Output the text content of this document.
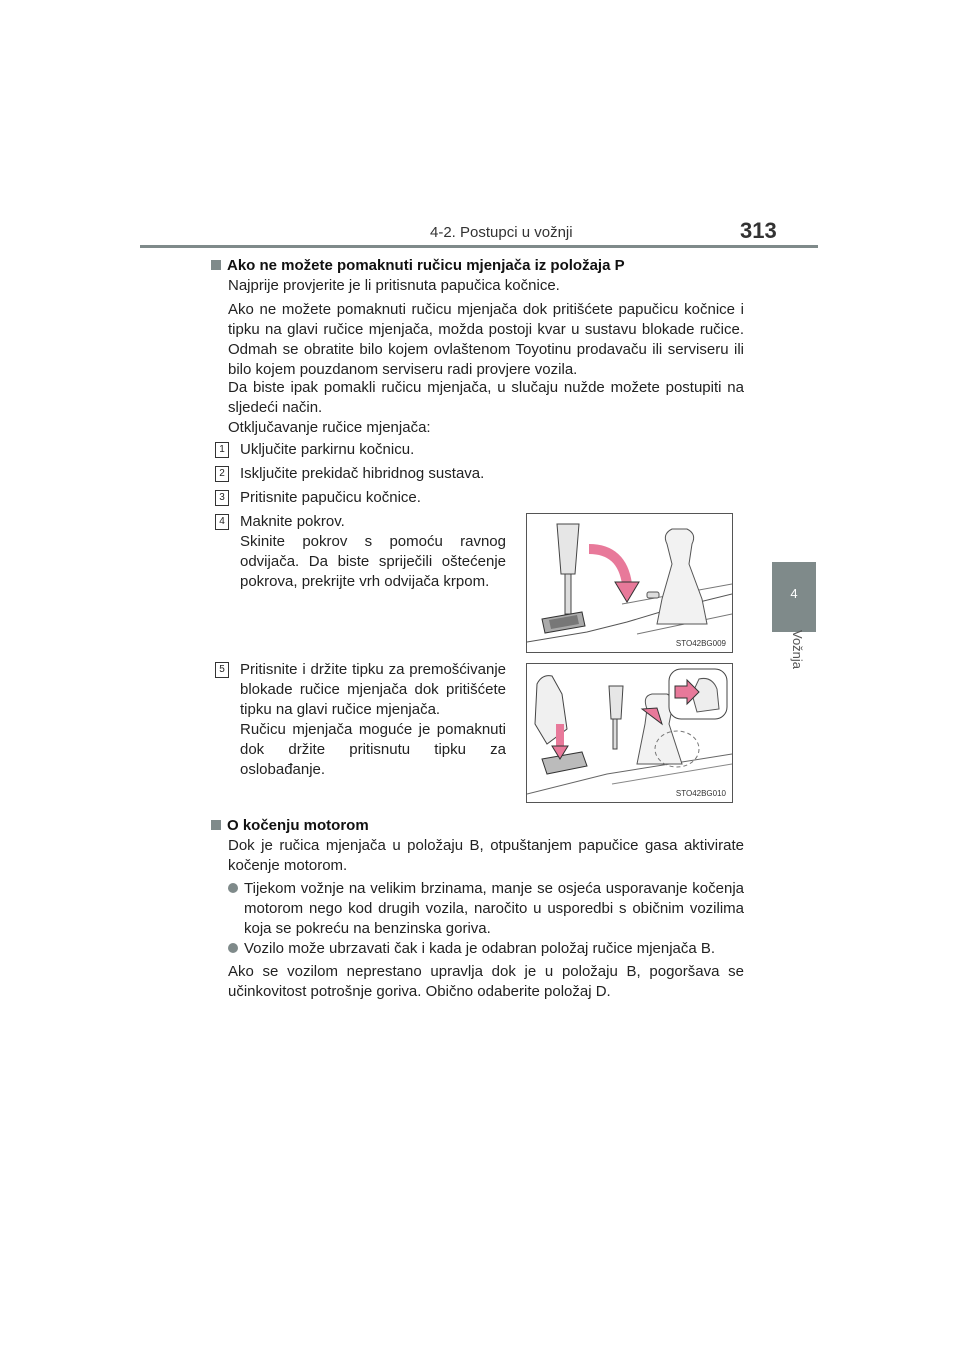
4-2. Postupci u vožnji	313
4
Vožnja
Ako ne možete pomaknuti ručicu mjenjača iz položaja P
Najprije provjerite je li pritisnuta papučica kočnice.
Ako ne možete pomaknuti ručicu mjenjača dok pritišćete papučicu kočnice i tipku na glavi ručice mjenjača, možda postoji kvar u sustavu blokade ručice. Odmah se obratite bilo kojem ovlaštenom Toyotinu prodavaču ili serviseru ili bilo kojem pouzdanom serviseru radi provjere vozila.
Da biste ipak pomakli ručicu mjenjača, u slučaju nužde možete postupiti na sljedeći način.
Otključavanje ručice mjenjača:
1 Uključite parkirnu kočnicu.
2 Isključite prekidač hibridnog sustava.
3 Pritisnite papučicu kočnice.
4 Maknite pokrov.
Skinite pokrov s pomoću ravnog odvijača. Da biste spriječili oštećenje pokrova, prekrijte vrh odvijača krpom.
STO42BG009
5 Pritisnite i držite tipku za premošćivanje blokade ručice mjenjača dok pritišćete tipku na glavi ručice mjenjača.
Ručicu mjenjača moguće je pomaknuti dok držite pritisnutu tipku za oslobađanje.
STO42BG010
O kočenju motorom
Dok je ručica mjenjača u položaju B, otpuštanjem papučice gasa aktivirate kočenje motorom.
Tijekom vožnje na velikim brzinama, manje se osjeća usporavanje kočenja motorom nego kod drugih vozila, naročito u usporedbi s običnim vozilima koja se pokreću na benzinska goriva.
Vozilo može ubrzavati čak i kada je odabran položaj ručice mjenjača B.
Ako se vozilom neprestano upravlja dok je u položaju B, pogoršava se učinkovitost potrošnje goriva. Obično odaberite položaj D.
